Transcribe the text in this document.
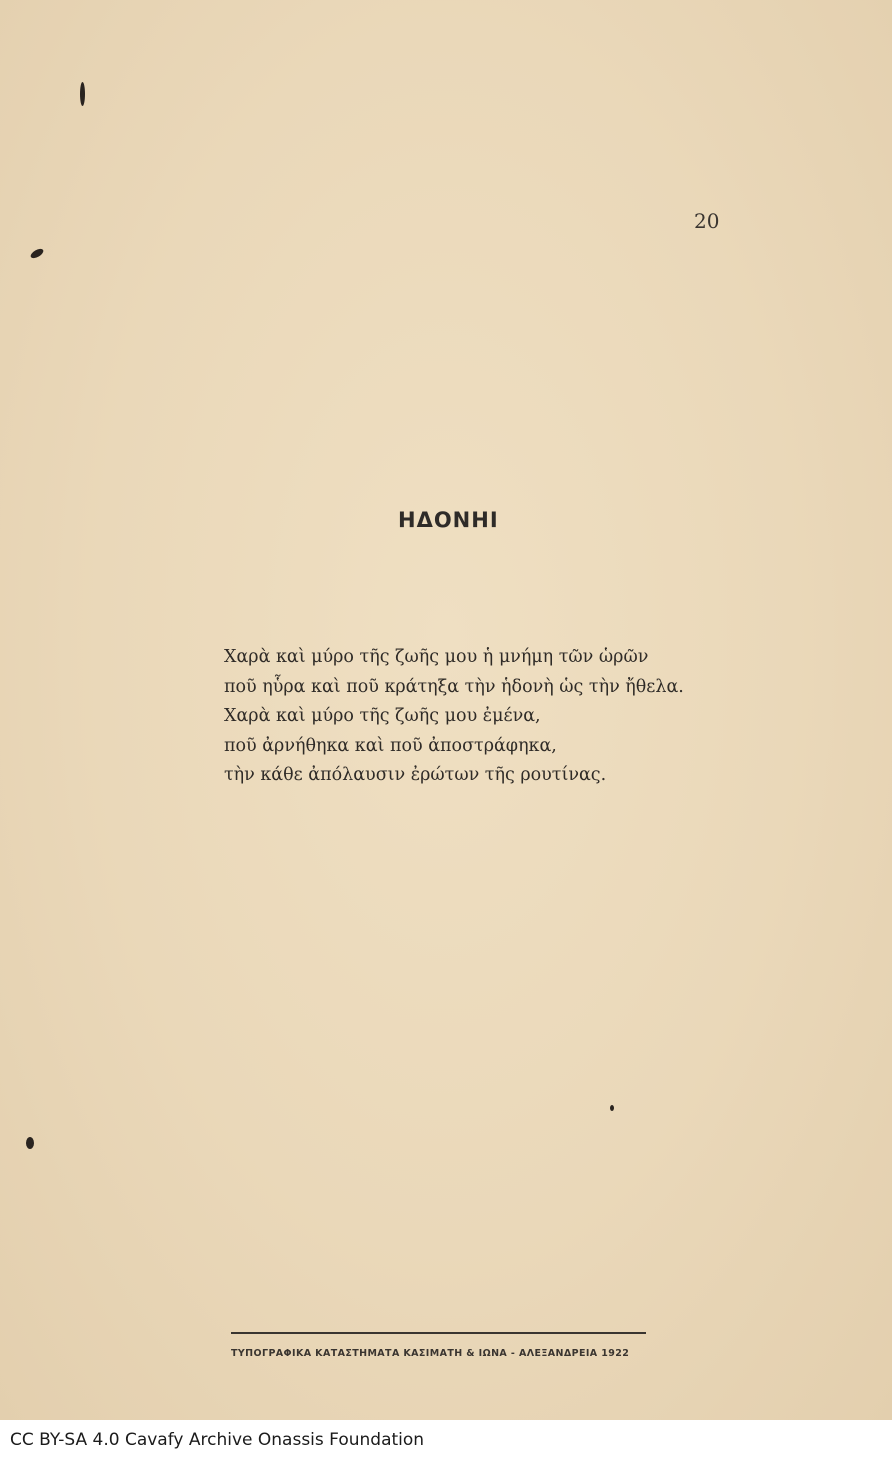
20
ΗΔΟΝΗΙ
Χαρὰ καὶ μύρο τῆς ζωῆς μου ἡ μνήμη τῶν ὡρῶν
ποῦ ηὗρα καὶ ποῦ κράτηξα τὴν ἡδονὴ ὡς τὴν ἤθελα.
Χαρὰ καὶ μύρο τῆς ζωῆς μου ἐμένα,
ποῦ ἀρνήθηκα καὶ ποῦ ἀποστράφηκα,
τὴν κάθε ἀπόλαυσιν ἐρώτων τῆς ρουτίνας.
ΤΥΠΟΓΡΑΦΙΚΑ ΚΑΤΑΣΤΗΜΑΤΑ ΚΑΣΙΜΑΤΗ & ΙΩΝΑ - ΑΛΕΞΑΝΔΡΕΙΑ 1922
CC BY-SA 4.0 Cavafy Archive Onassis Foundation
